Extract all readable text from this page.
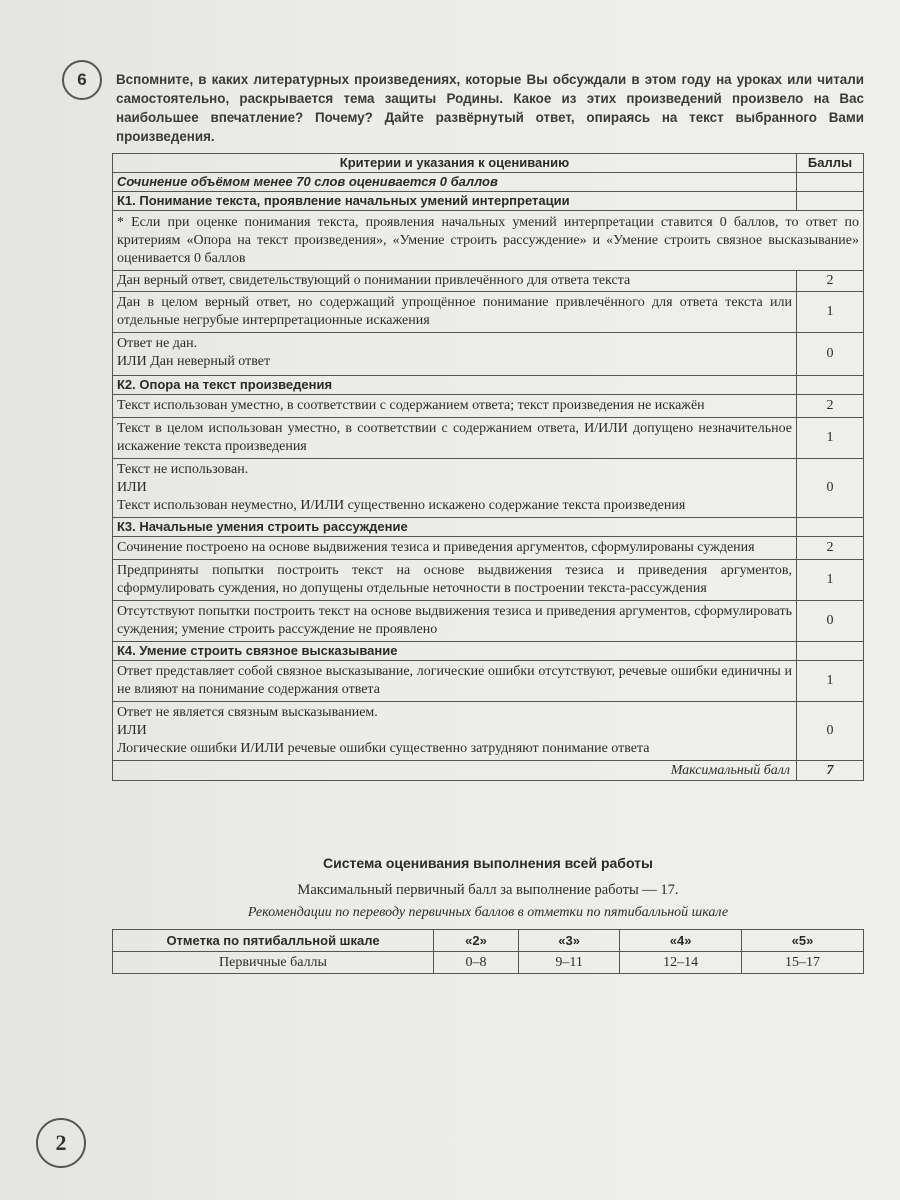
6	Вспомните, в каких литературных произведениях, которые Вы обсуждали в этом году на уроках или читали самостоятельно, раскрывается тема защиты Родины. Какое из этих произведений произвело на Вас наибольшее впечатление? Почему? Дайте развёрнутый ответ, опираясь на текст выбранного Вами произведения.
Критерии и указания к оцениванию	Баллы
Сочинение объёмом менее 70 слов оценивается 0 баллов	
К1. Понимание текста, проявление начальных умений интерпретации	
* Если при оценке понимания текста, проявления начальных умений интерпретации ставится 0 баллов, то ответ по критериям «Опора на текст произведения», «Умение строить рассуждение» и «Умение строить связное высказывание» оценивается 0 баллов	
Дан верный ответ, свидетельствующий о понимании привлечённого для ответа текста	2
Дан в целом верный ответ, но содержащий упрощённое понимание привлечённого для ответа текста или отдельные негрубые интерпретационные искажения	1

Ответ не дан.
ИЛИ Дан неверный ответ	0
К2. Опора на текст произведения	
Текст использован уместно, в соответствии с содержанием ответа; текст произведения не искажён	2
Текст в целом использован уместно, в соответствии с содержанием ответа, И/ИЛИ допущено незначительное искажение текста произведения	1

Текст не использован.
ИЛИ
Текст использован неуместно, И/ИЛИ существенно искажено содержание текста произведения	0
К3. Начальные умения строить рассуждение	
Сочинение построено на основе выдвижения тезиса и приведения аргументов, сформулированы суждения	2
Предприняты попытки построить текст на основе выдвижения тезиса и приведения аргументов, сформулировать суждения, но допущены отдельные неточности в построении текста-рассуждения	1
Отсутствуют попытки построить текст на основе выдвижения тезиса и приведения аргументов, сформулировать суждения; умение строить рассуждение не проявлено	0
К4. Умение строить связное высказывание	
Ответ представляет собой связное высказывание, логические ошибки отсутствуют, речевые ошибки единичны и не влияют на понимание содержания ответа	1

Ответ не является связным высказыванием.
ИЛИ
Логические ошибки И/ИЛИ речевые ошибки существенно затрудняют понимание ответа	0
Максимальный балл	7
Система оценивания выполнения всей работы
Максимальный первичный балл за выполнение работы — 17.
Рекомендации по переводу первичных баллов в отметки по пятибалльной шкале
Отметка по пятибалльной шкале	«2»	«3»	«4»	«5»
Первичные баллы	0–8	9–11	12–14	15–17
2
